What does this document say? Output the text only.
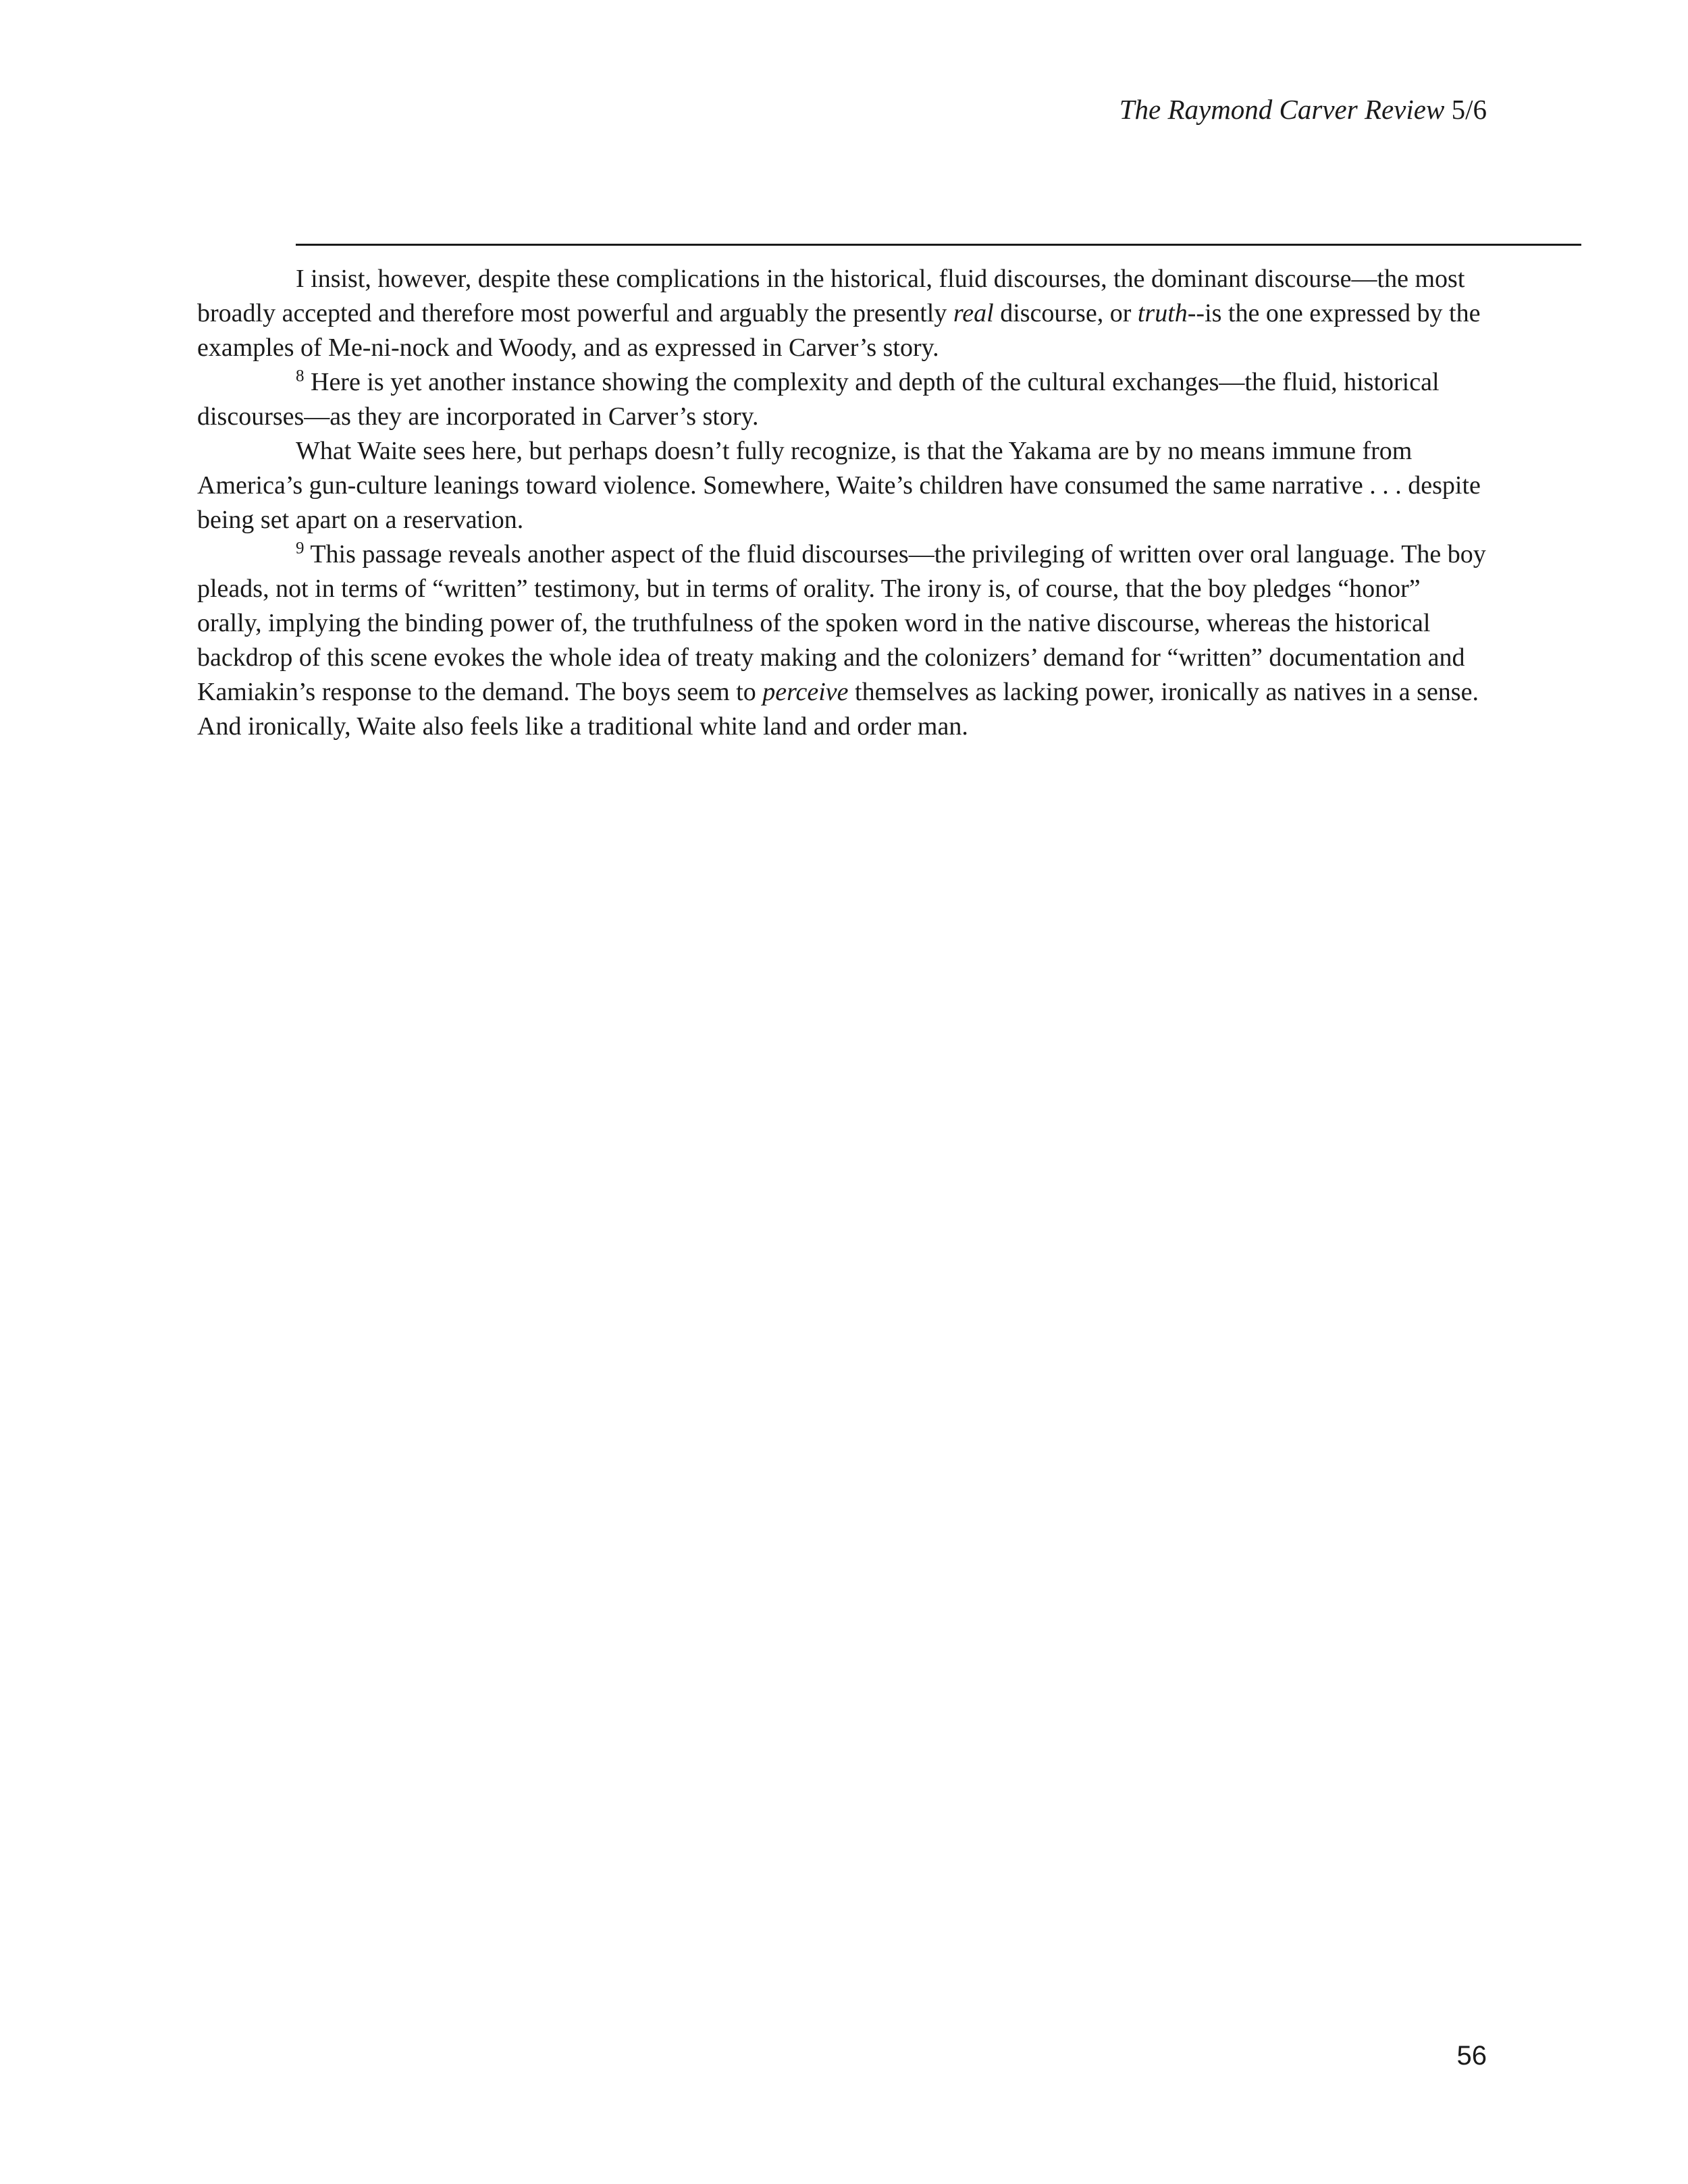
The Raymond Carver Review 5/6

I insist, however, despite these complications in the historical, fluid discourses, the dominant discourse—the most broadly accepted and therefore most powerful and arguably the presently real discourse, or truth--is the one expressed by the examples of Me-ni-nock and Woody, and as expressed in Carver’s story.

$^8$ Here is yet another instance showing the complexity and depth of the cultural exchanges—the fluid, historical discourses—as they are incorporated in Carver’s story.

What Waite sees here, but perhaps doesn’t fully recognize, is that the Yakama are by no means immune from America’s gun-culture leanings toward violence. Somewhere, Waite’s children have consumed the same narrative . . . despite being set apart on a reservation.

$^9$ This passage reveals another aspect of the fluid discourses—the privileging of written over oral language. The boy pleads, not in terms of “written” testimony, but in terms of orality. The irony is, of course, that the boy pledges “honor” orally, implying the binding power of, the truthfulness of the spoken word in the native discourse, whereas the historical backdrop of this scene evokes the whole idea of treaty making and the colonizers’ demand for “written” documentation and Kamiakin’s response to the demand. The boys seem to perceive themselves as lacking power, ironically as natives in a sense. And ironically, Waite also feels like a traditional white land and order man.

56
